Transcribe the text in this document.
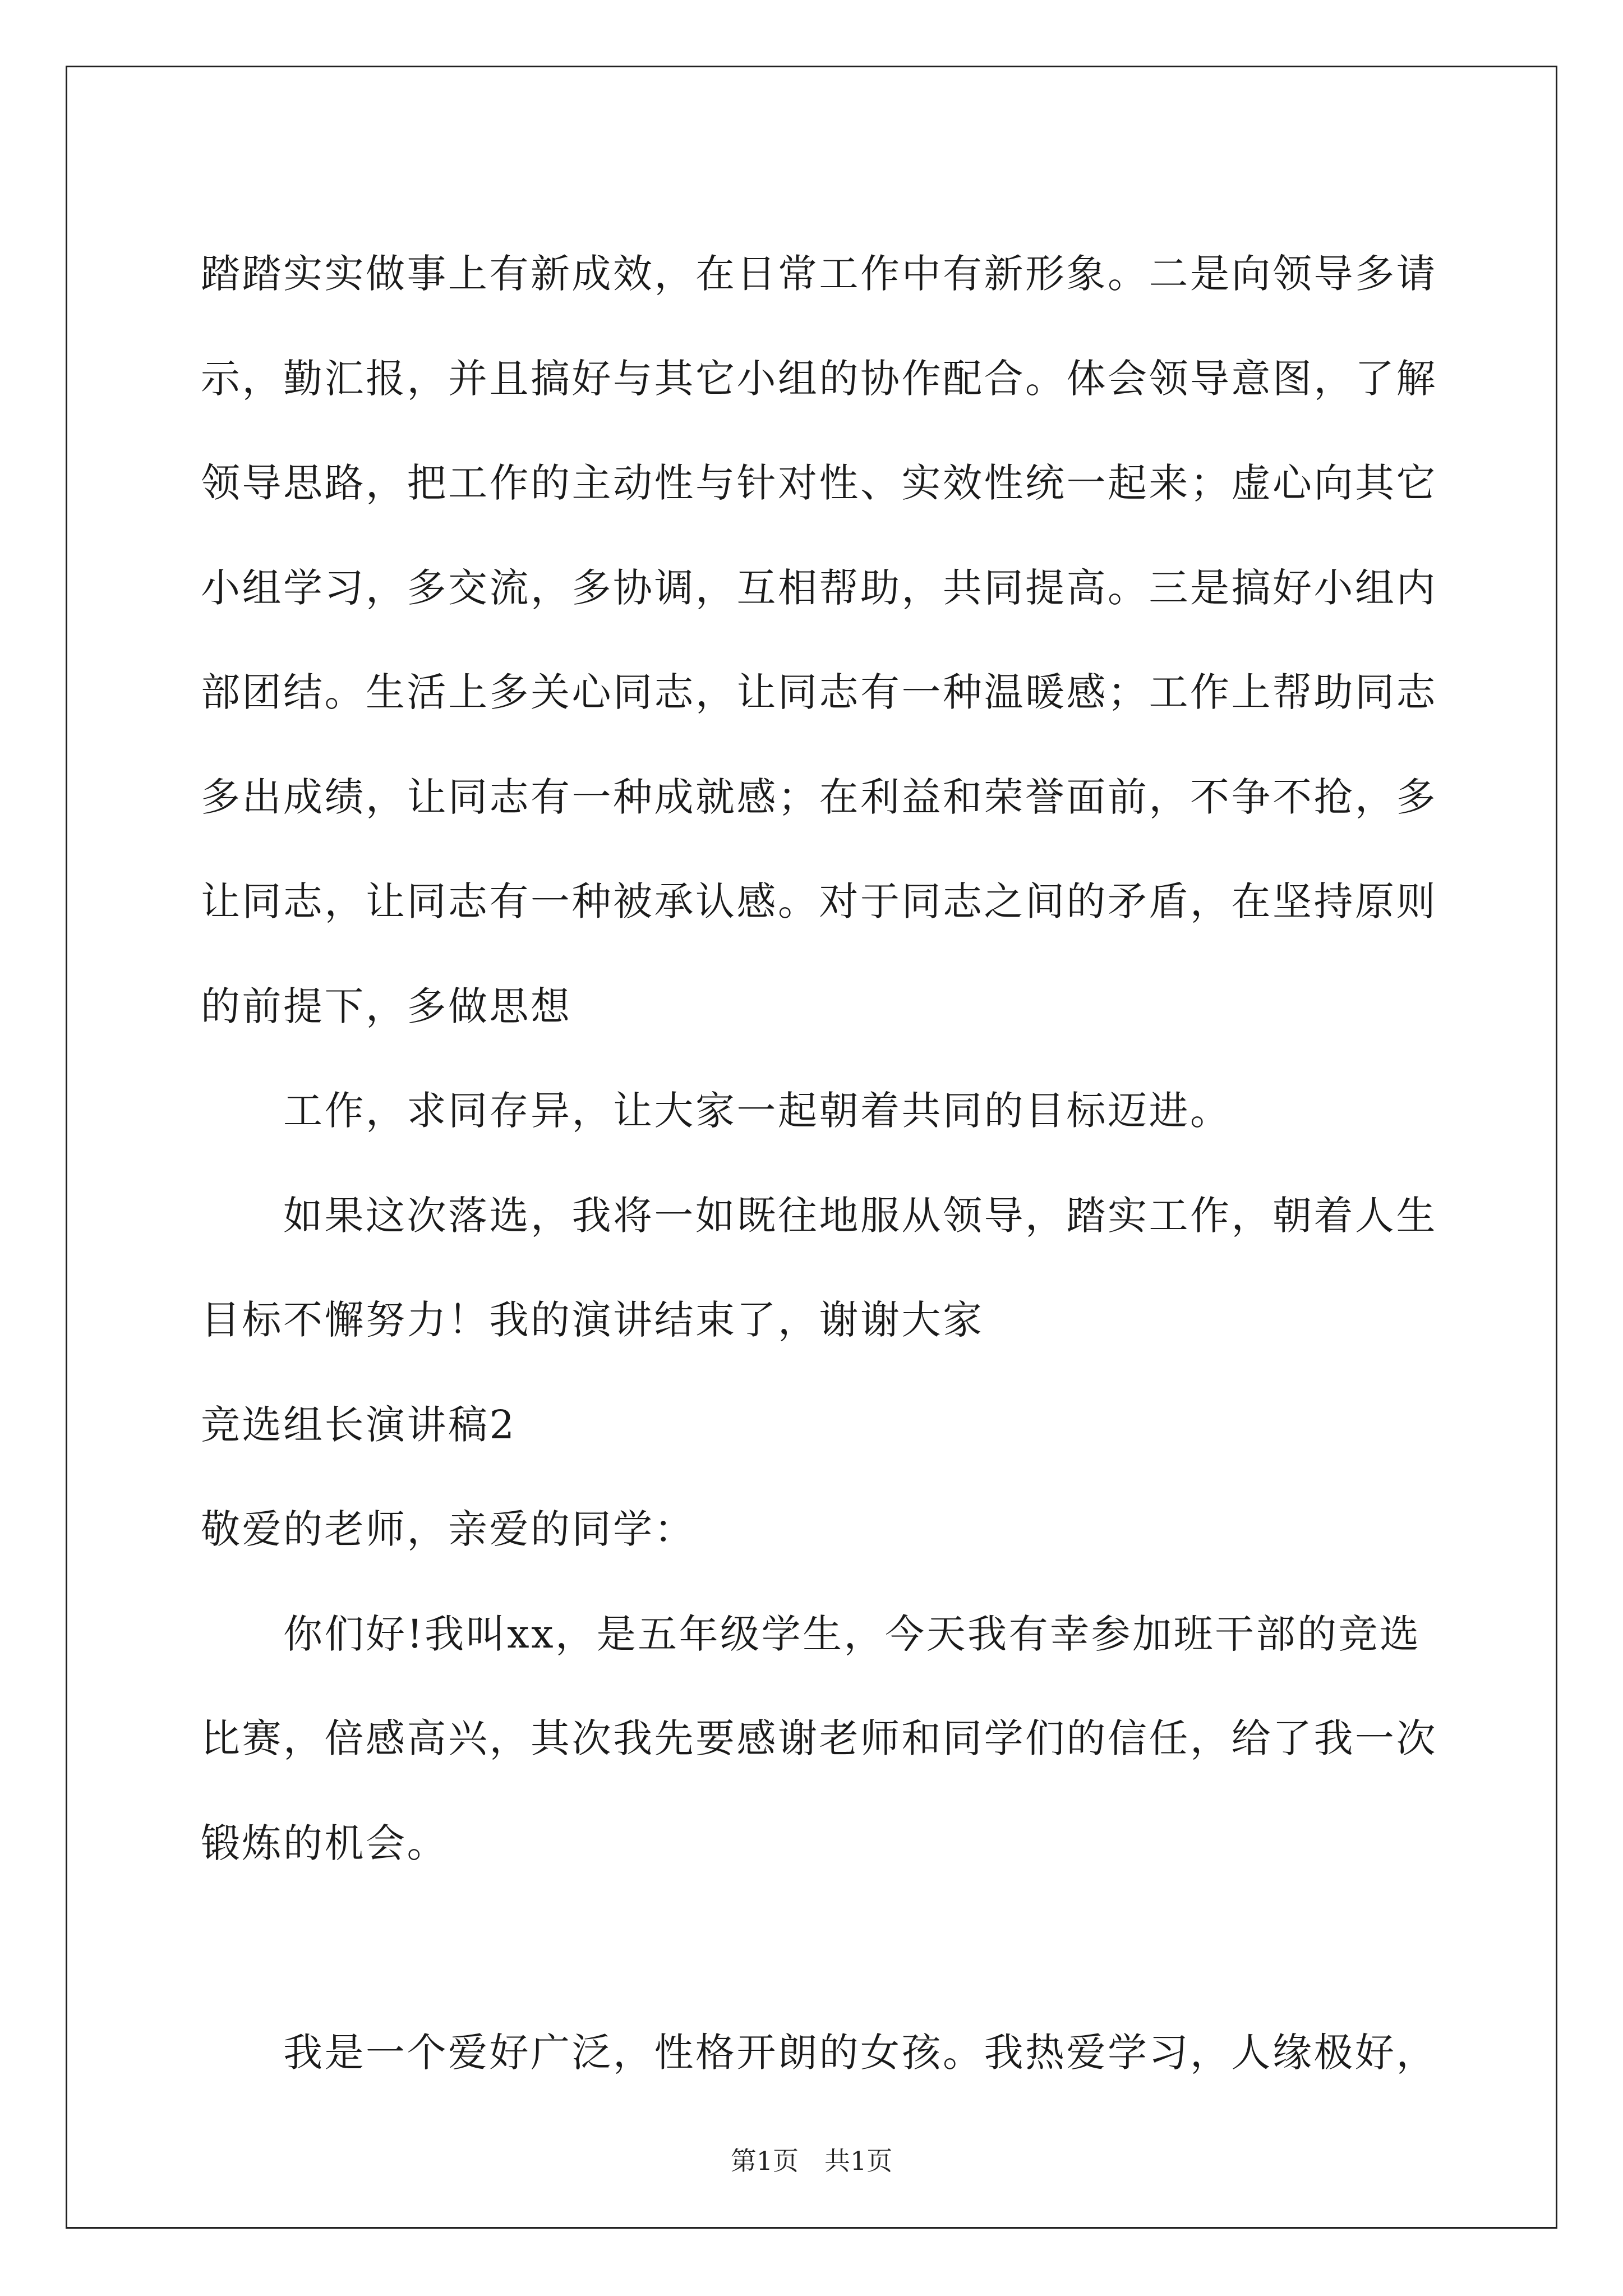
踏踏实实做事上有新成效，在日常工作中有新形象。二是向领导多请
示，勤汇报，并且搞好与其它小组的协作配合。体会领导意图，了解
领导思路，把工作的主动性与针对性、实效性统一起来；虚心向其它
小组学习，多交流，多协调，互相帮助，共同提高。三是搞好小组内
部团结。生活上多关心同志，让同志有一种温暖感；工作上帮助同志
多出成绩，让同志有一种成就感；在利益和荣誉面前，不争不抢，多
让同志，让同志有一种被承认感。对于同志之间的矛盾，在坚持原则
的前提下，多做思想
工作，求同存异，让大家一起朝着共同的目标迈进。
如果这次落选，我将一如既往地服从领导，踏实工作，朝着人生
目标不懈努力！我的演讲结束了，谢谢大家
竞选组长演讲稿2
敬爱的老师，亲爱的同学：
你们好!我叫xx，是五年级学生，今天我有幸参加班干部的竞选
比赛，倍感高兴，其次我先要感谢老师和同学们的信任，给了我一次
锻炼的机会。
我是一个爱好广泛，性格开朗的女孩。我热爱学习，人缘极好，
第1页　共1页
